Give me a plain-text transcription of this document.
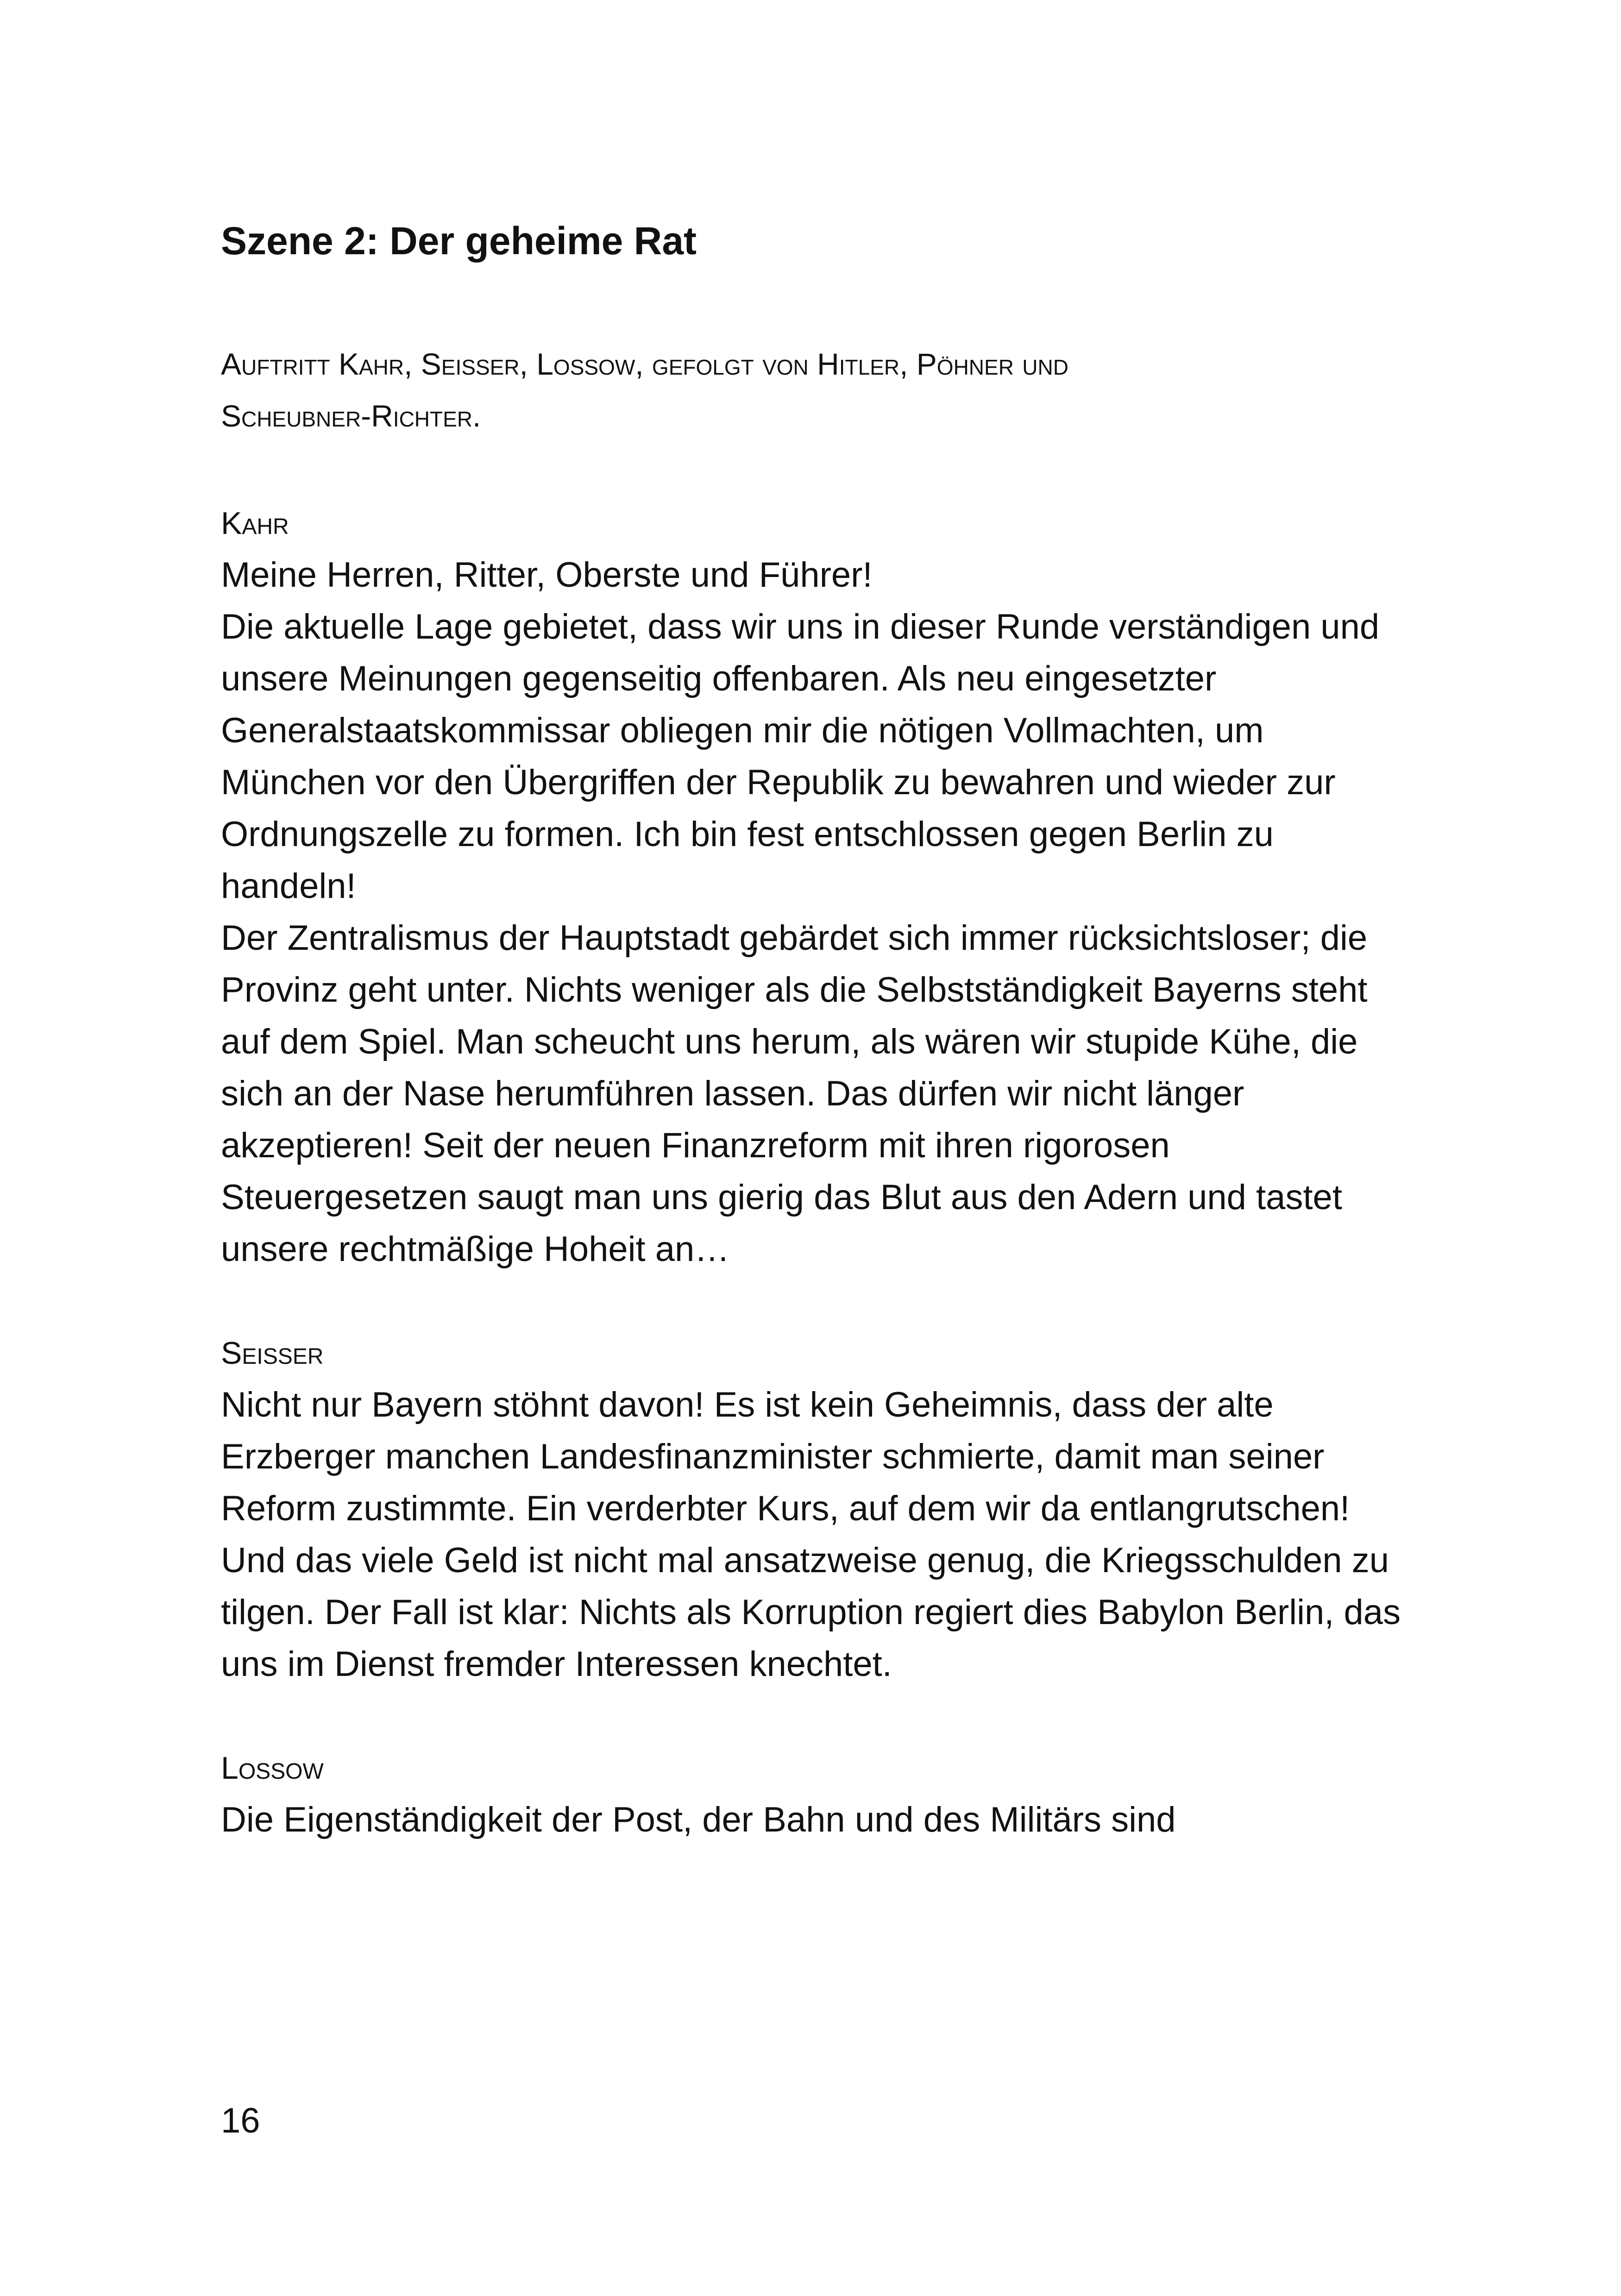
Szene 2: Der geheime Rat
Auftritt Kahr, Seisser, Lossow, gefolgt von Hitler, Pöhner und
Scheubner-Richter.
Kahr

Meine Herren, Ritter, Oberste und Führer!

Die aktuelle Lage gebietet, dass wir uns in dieser Runde verständigen und unsere Meinungen gegenseitig offenbaren. Als neu eingesetzter Generalstaatskommissar obliegen mir die nötigen Vollmachten, um München vor den Übergriffen der Republik zu bewahren und wieder zur Ordnungszelle zu formen. Ich bin fest entschlossen gegen Berlin zu handeln!

Der Zentralismus der Hauptstadt gebärdet sich immer rücksichtsloser; die Provinz geht unter. Nichts weniger als die Selbstständigkeit Bayerns steht auf dem Spiel. Man scheucht uns herum, als wären wir stupide Kühe, die sich an der Nase herumführen lassen. Das dürfen wir nicht länger akzeptieren! Seit der neuen Finanzreform mit ihren rigorosen Steuergesetzen saugt man uns gierig das Blut aus den Adern und tastet unsere rechtmäßige Hoheit an…

Seisser

Nicht nur Bayern stöhnt davon! Es ist kein Geheimnis, dass der alte Erzberger manchen Landesfinanzminister schmierte, damit man seiner Reform zustimmte. Ein verderbter Kurs, auf dem wir da entlangrutschen! Und das viele Geld ist nicht mal ansatzweise genug, die Kriegsschulden zu tilgen. Der Fall ist klar: Nichts als Korruption regiert dies Babylon Berlin, das uns im Dienst fremder Interessen knechtet.

Lossow

Die Eigenständigkeit der Post, der Bahn und des Militärs sind

16
